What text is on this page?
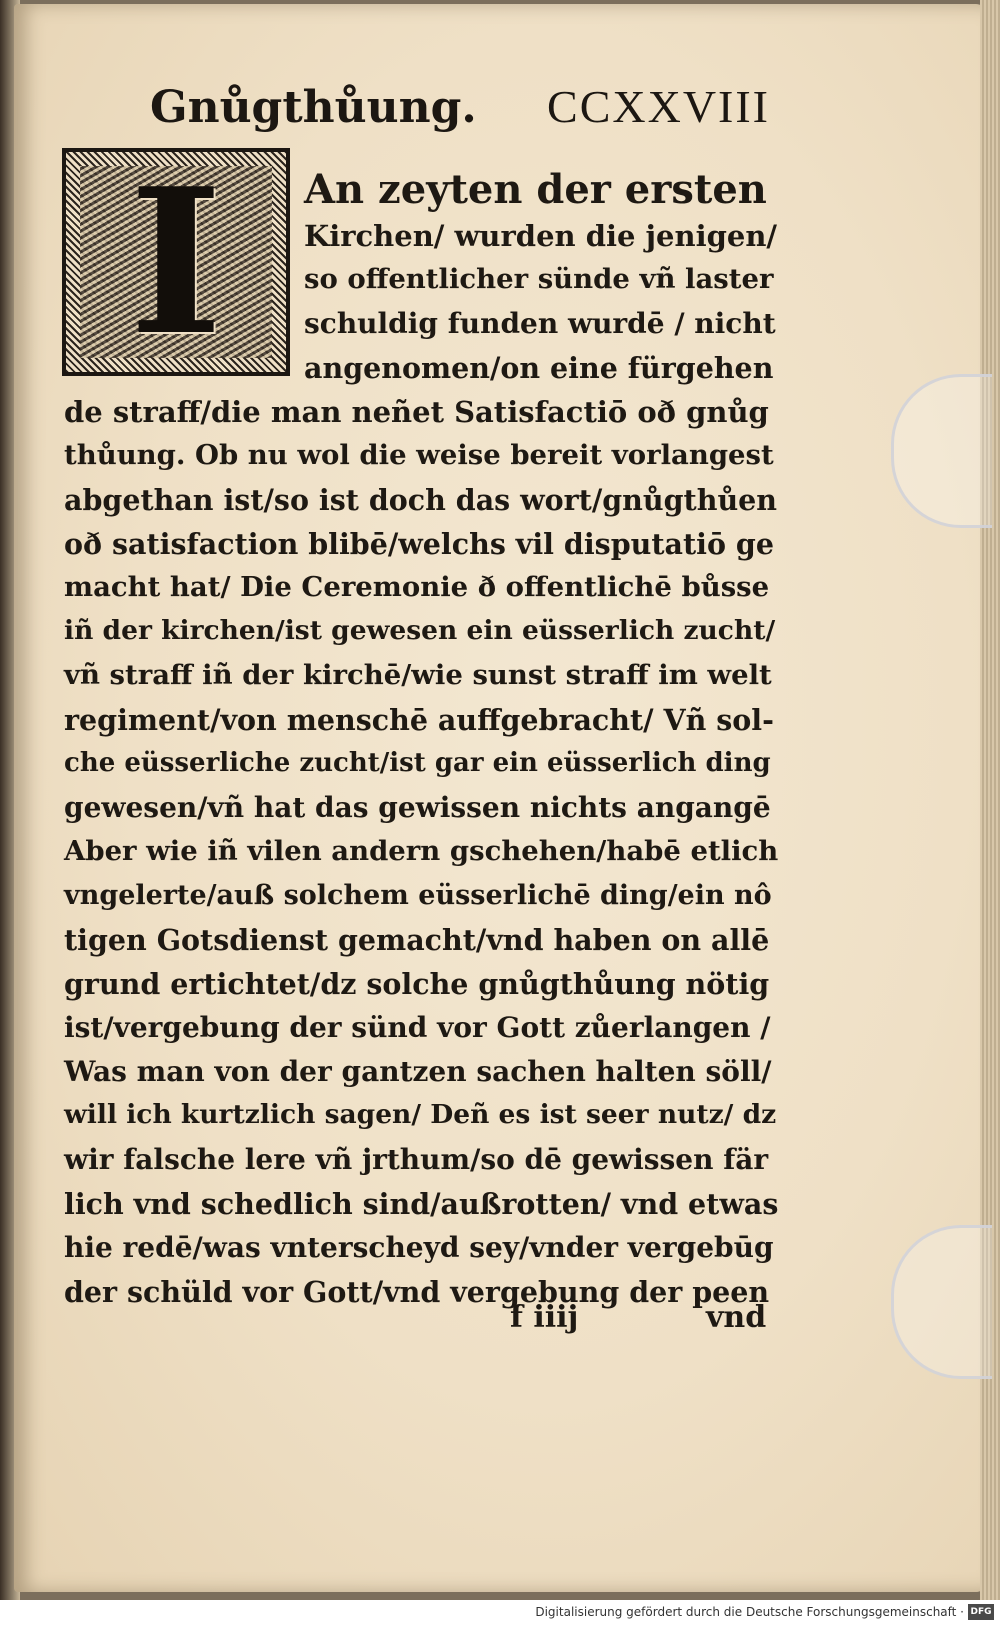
Gnůgthůung. CCXXVIII
I	An zeyten der ersten
Kirchen/ wurden die jenigen/
so offentlicher sünde vñ laster
schuldig funden wurdē / nicht
angenomen/on eine fürgehen
de straff/die man neñet Satisfactiō oð gnůg
thůung. Ob nu wol die weise bereit vorlangest
abgethan ist/so ist doch das wort/gnůgthůen
oð satisfaction blibē/welchs vil disputatiō ge
macht hat/ Die Ceremonie ð offentlichē bůsse
iñ der kirchen/ist gewesen ein eüsserlich zucht/
vñ straff iñ der kirchē/wie sunst straff im welt
regiment/von menschē auffgebracht/ Vñ sol-
che eüsserliche zucht/ist gar ein eüsserlich ding
gewesen/vñ hat das gewissen nichts angangē
Aber wie iñ vilen andern gschehen/habē etlich
vngelerte/auß solchem eüsserlichē ding/ein nô
tigen Gotsdienst gemacht/vnd haben on allē
grund ertichtet/dz solche gnůgthůung nötig
ist/vergebung der sünd vor Gott zůerlangen /
Was man von der gantzen sachen halten söll/
will ich kurtzlich sagen/ Deñ es ist seer nutz/ dz
wir falsche lere vñ jrthum/so dē gewissen fär
lich vnd schedlich sind/außrotten/ vnd etwas
hie redē/was vnterscheyd sey/vnder vergebūg
der schüld vor Gott/vnd vergebung der peen
f iiij	vnd
Digitalisierung gefördert durch die Deutsche Forschungsgemeinschaft · DFG
